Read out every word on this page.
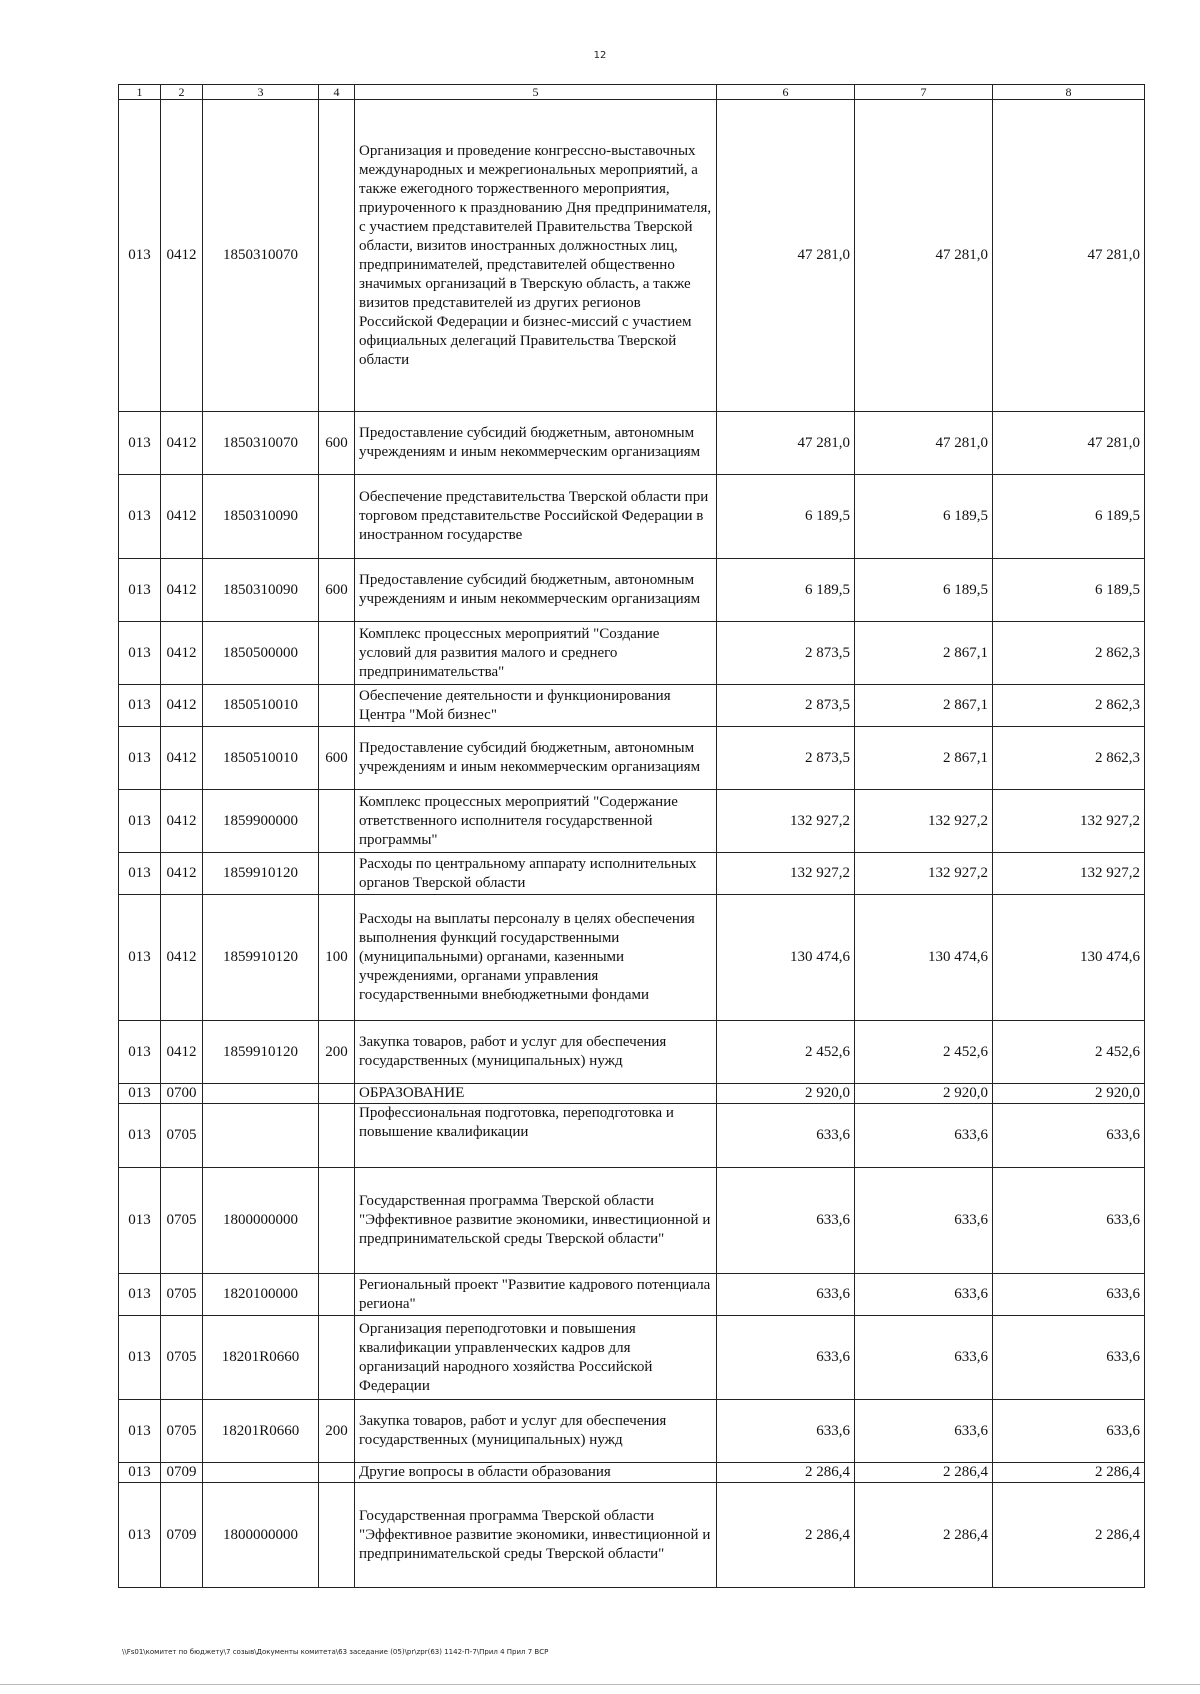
12
1	2	3	4	5	6	7	8
013	0412	1850310070		Организация и проведение конгрессно-выставочных международных и межрегиональных мероприятий, а также ежегодного торжественного мероприятия, приуроченного к празднованию Дня предпринимателя, с участием представителей Правительства Тверской области, визитов иностранных должностных лиц, предпринимателей, представителей общественно значимых организаций в Тверскую область, а также визитов представителей из других регионов Российской Федерации и бизнес-миссий с участием официальных делегаций Правительства Тверской области	47 281,0	47 281,0	47 281,0
013	0412	1850310070	600	Предоставление субсидий бюджетным, автономным учреждениям и иным некоммерческим организациям	47 281,0	47 281,0	47 281,0
013	0412	1850310090		Обеспечение представительства Тверской области при торговом представительстве Российской Федерации в иностранном государстве	6 189,5	6 189,5	6 189,5
013	0412	1850310090	600	Предоставление субсидий бюджетным, автономным учреждениям и иным некоммерческим организациям	6 189,5	6 189,5	6 189,5
013	0412	1850500000		Комплекс процессных мероприятий "Создание условий для развития малого и среднего предпринимательства"	2 873,5	2 867,1	2 862,3
013	0412	1850510010		Обеспечение деятельности и функционирования Центра "Мой бизнес"	2 873,5	2 867,1	2 862,3
013	0412	1850510010	600	Предоставление субсидий бюджетным, автономным учреждениям и иным некоммерческим организациям	2 873,5	2 867,1	2 862,3
013	0412	1859900000		Комплекс процессных мероприятий "Содержание ответственного исполнителя государственной программы"	132 927,2	132 927,2	132 927,2
013	0412	1859910120		Расходы по центральному аппарату исполнительных органов Тверской области	132 927,2	132 927,2	132 927,2
013	0412	1859910120	100	Расходы на выплаты персоналу в целях обеспечения выполнения функций государственными (муниципальными) органами, казенными учреждениями, органами управления государственными внебюджетными фондами	130 474,6	130 474,6	130 474,6
013	0412	1859910120	200	Закупка товаров, работ и услуг для обеспечения государственных (муниципальных) нужд	2 452,6	2 452,6	2 452,6
013	0700			ОБРАЗОВАНИЕ	2 920,0	2 920,0	2 920,0
013	0705			Профессиональная подготовка, переподготовка и повышение квалификации	633,6	633,6	633,6
013	0705	1800000000		Государственная программа Тверской области "Эффективное развитие экономики, инвестиционной и предпринимательской среды Тверской области"	633,6	633,6	633,6
013	0705	1820100000		Региональный проект "Развитие кадрового потенциала региона"	633,6	633,6	633,6
013	0705	18201R0660		Организация переподготовки и повышения квалификации управленческих кадров для организаций народного хозяйства Российской Федерации	633,6	633,6	633,6
013	0705	18201R0660	200	Закупка товаров, работ и услуг для обеспечения государственных (муниципальных) нужд	633,6	633,6	633,6
013	0709			Другие вопросы в области образования	2 286,4	2 286,4	2 286,4
013	0709	1800000000		Государственная программа Тверской области "Эффективное развитие экономики, инвестиционной и предпринимательской среды Тверской области"	2 286,4	2 286,4	2 286,4
\\Fs01\комитет по бюджету\7 созыв\Документы комитета\63 заседание (05)\pr\zpr(63) 1142-П-7\Прил 4 Прил 7 ВСР
